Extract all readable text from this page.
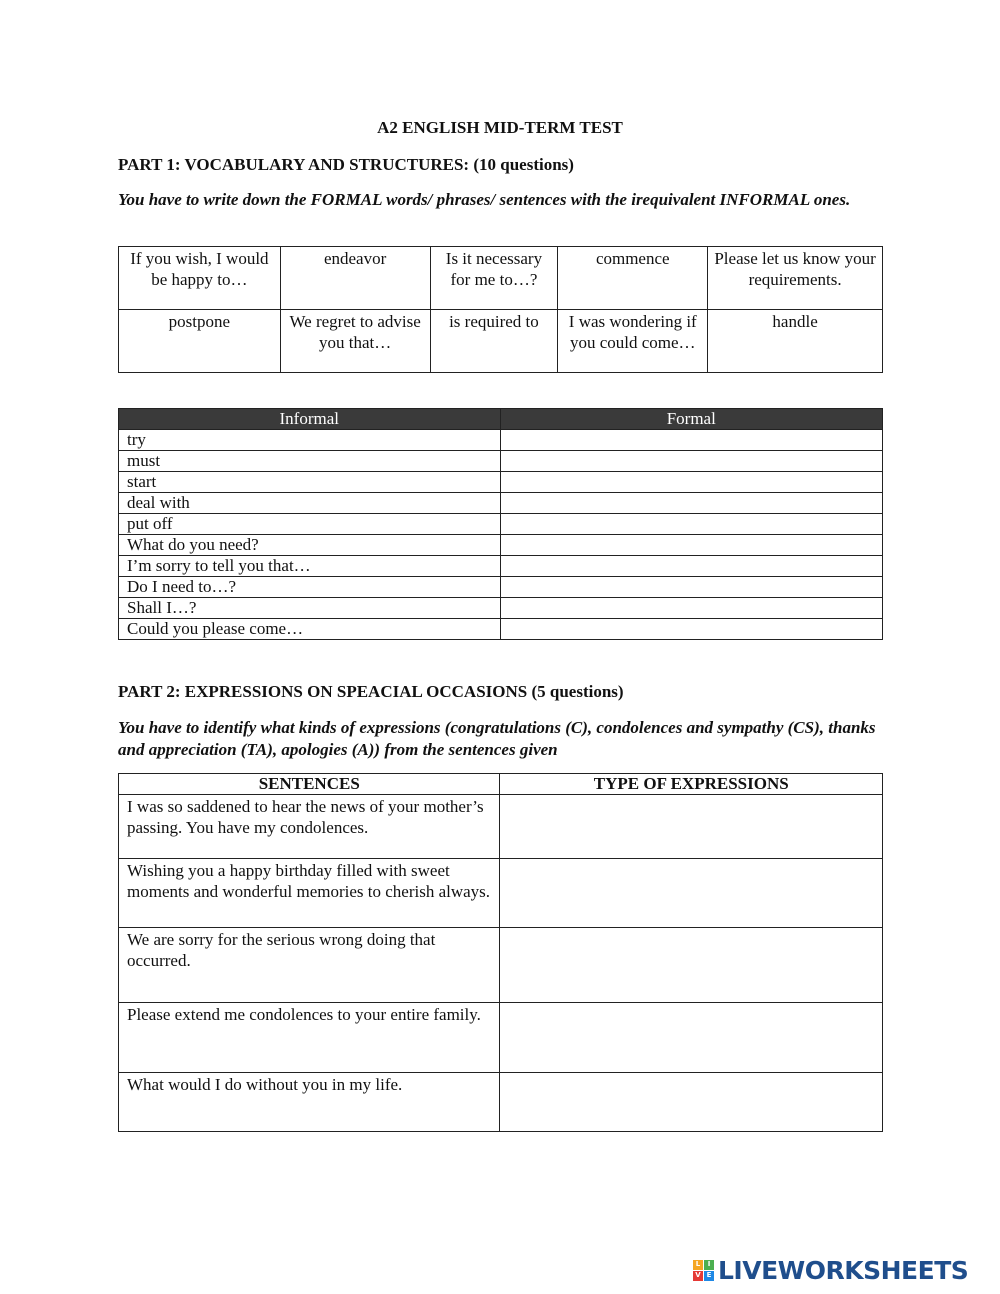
A2 ENGLISH MID-TERM TEST
PART 1: VOCABULARY AND STRUCTURES: (10 questions)
You have to write down the FORMAL words/ phrases/ sentences with the irequivalent INFORMAL ones.
If you wish, I would be happy to…	endeavor	Is it necessary for me to…?	commence	Please let us know your requirements.
postpone	We regret to advise you that…	is required to	I was wondering if you could come…	handle
Informal	Formal
try	
must	
start	
deal with	
put off	
What do you need?	
I’m sorry to tell you that…	
Do I need to…?	
Shall I…?	
Could you please come…	
PART 2: EXPRESSIONS ON SPEACIAL OCCASIONS (5 questions)
You have to identify what kinds of expressions (congratulations (C), condolences and sympathy (CS), thanks and appreciation (TA), apologies (A)) from the sentences given
SENTENCES	TYPE OF EXPRESSIONS
I was so saddened to hear the news of your mother’s passing. You have my condolences.	
Wishing you a happy birthday filled with sweet moments and wonderful memories to cherish always.	
We are sorry for the serious wrong doing that occurred.	
Please extend me condolences to your entire family.	
What would I do without you in my life.	
L	I
V E LIVEWORKSHEETS
